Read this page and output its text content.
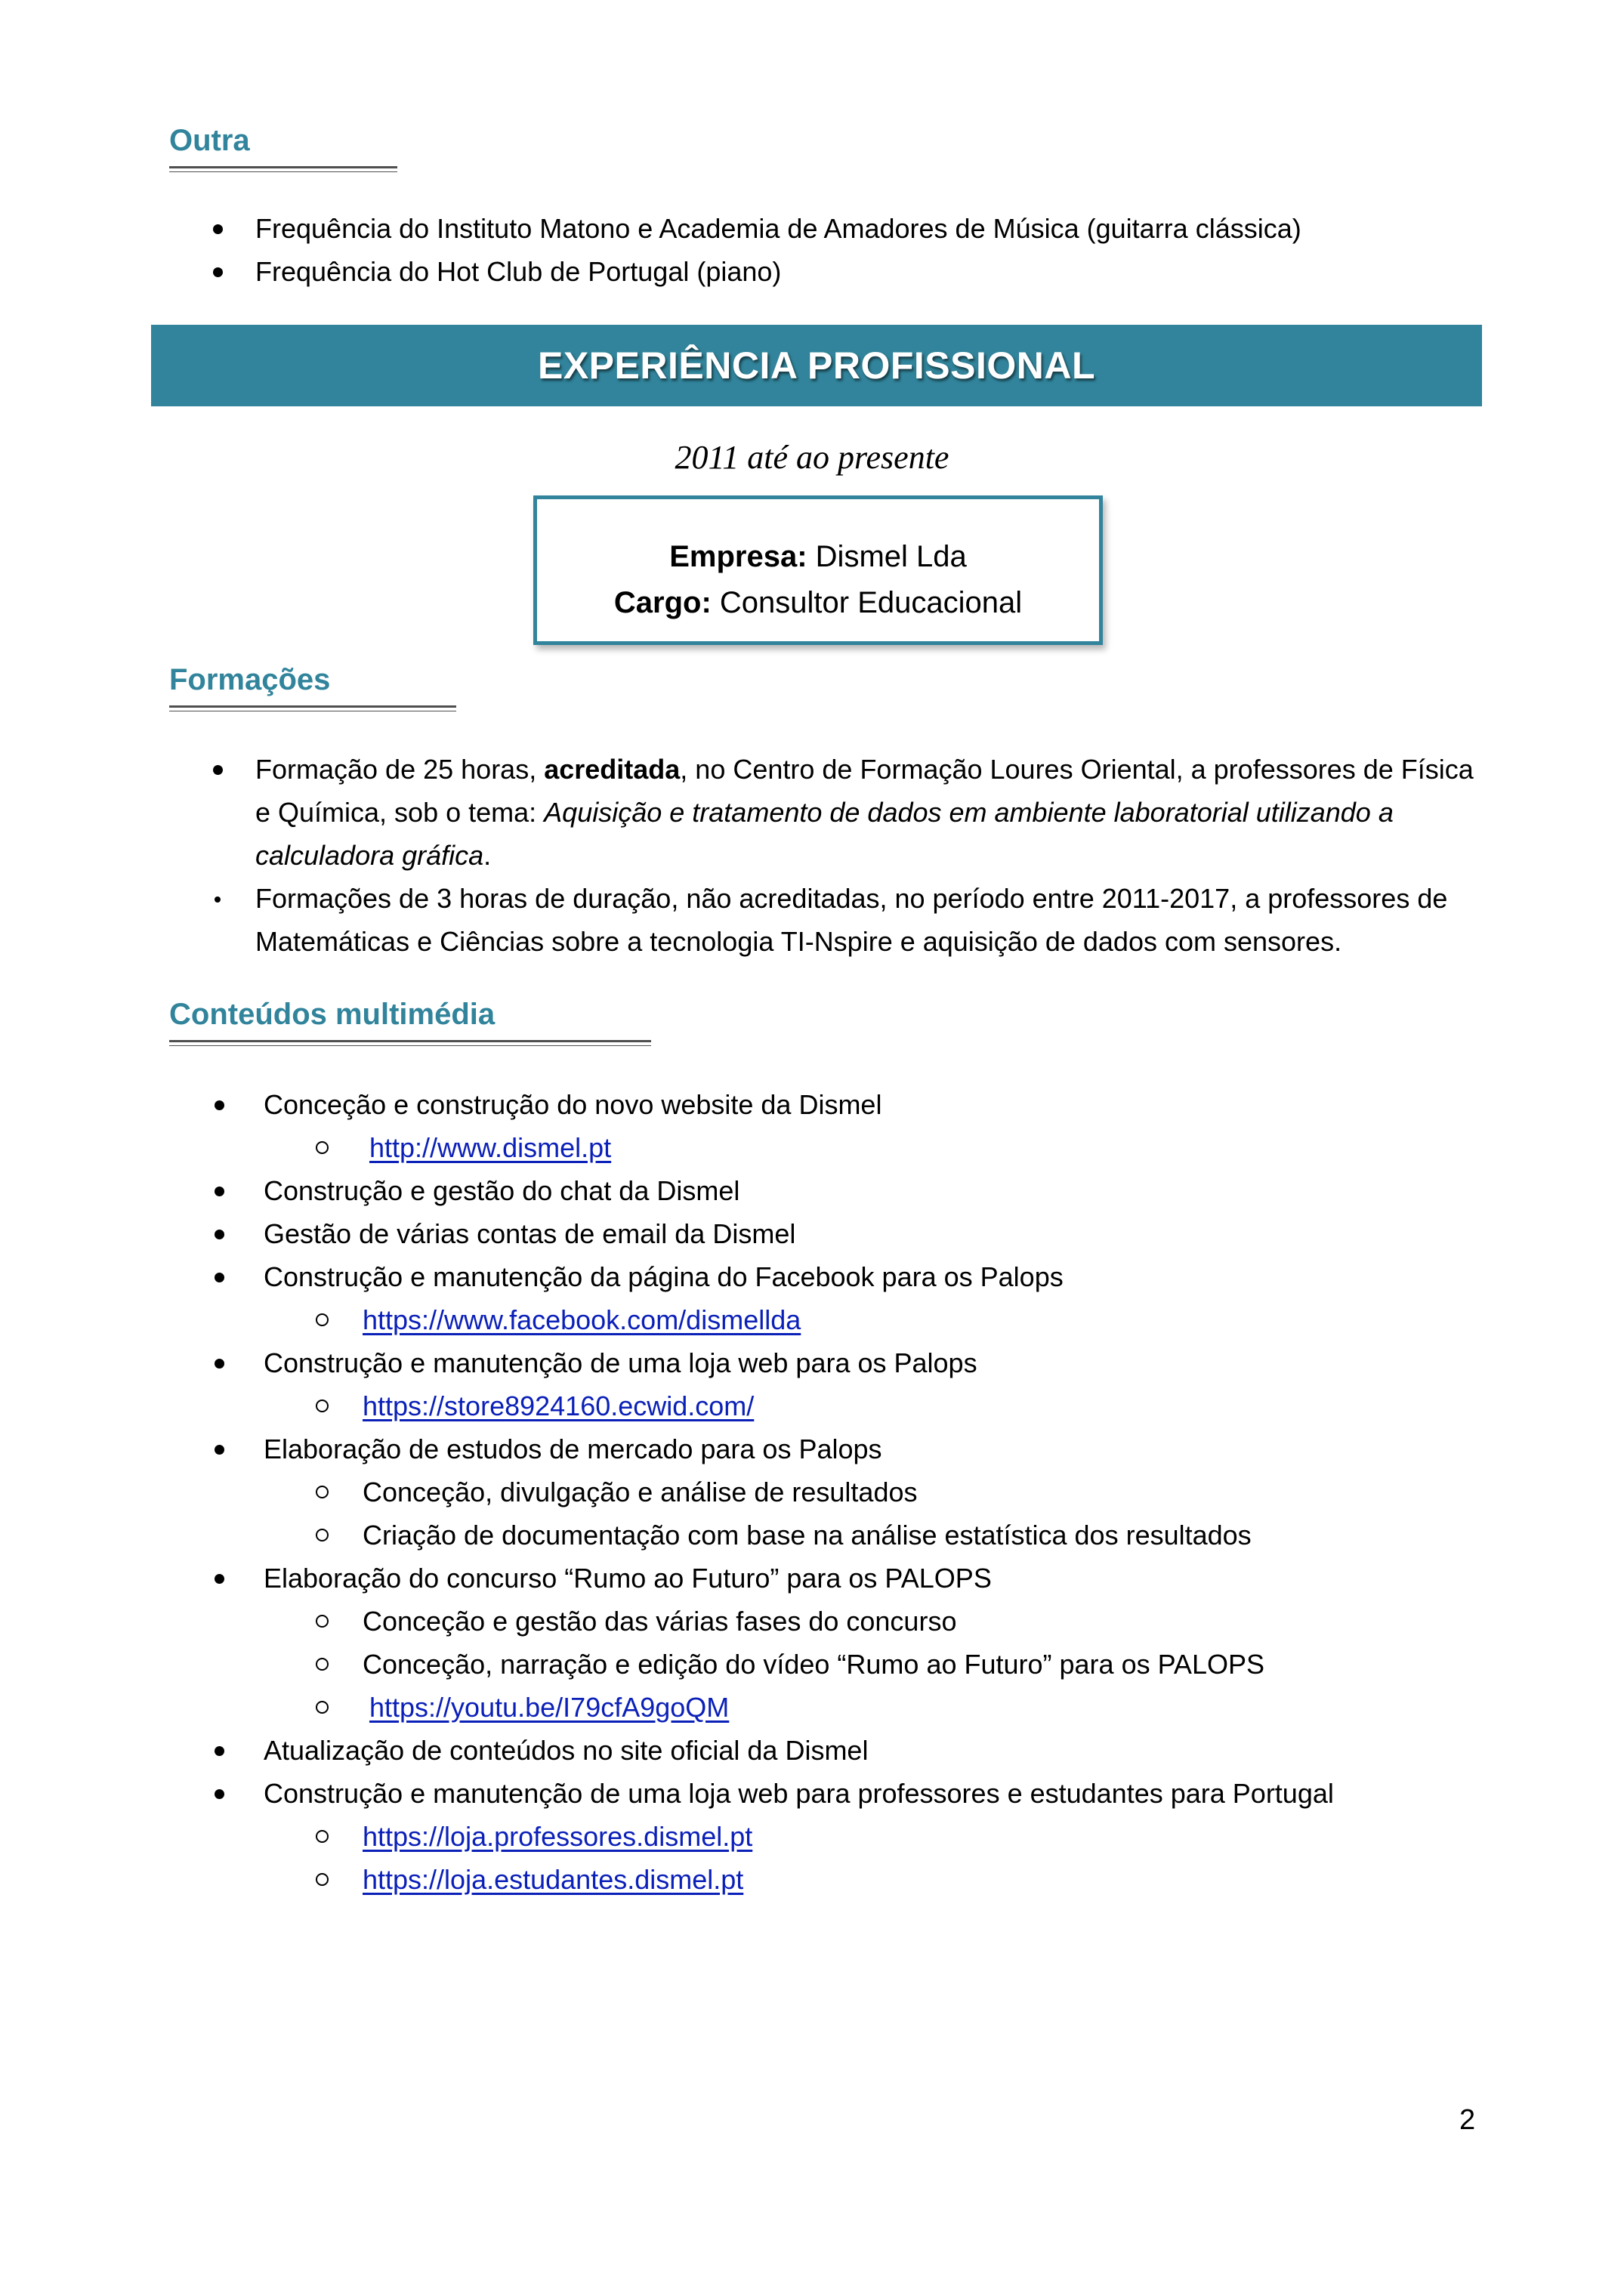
Outra
Frequência do Instituto Matono e Academia de Amadores de Música (guitarra clássica)
Frequência do Hot Club de Portugal (piano)
EXPERIÊNCIA PROFISSIONAL
2011 até ao presente
Empresa: Dismel Lda
Cargo: Consultor Educacional
Formações
Formação de 25 horas, acreditada, no Centro de Formação Loures Oriental, a professores de Física
e Química, sob o tema: Aquisição e tratamento de dados em ambiente laboratorial utilizando a
calculadora gráfica.
Formações de 3 horas de duração, não acreditadas, no período entre 2011-2017, a professores de
Matemáticas e Ciências sobre a tecnologia TI-Nspire e aquisição de dados com sensores.
Conteúdos multimédia
Conceção e construção do novo website da Dismel
http://www.dismel.pt
Construção e gestão do chat da Dismel
Gestão de várias contas de email da Dismel
Construção e manutenção da página do Facebook para os Palops
https://www.facebook.com/dismellda
Construção e manutenção de uma loja web para os Palops
https://store8924160.ecwid.com/
Elaboração de estudos de mercado para os Palops
Conceção, divulgação e análise de resultados
Criação de documentação com base na análise estatística dos resultados
Elaboração do concurso “Rumo ao Futuro” para os PALOPS
Conceção e gestão das várias fases do concurso
Conceção, narração e edição do vídeo “Rumo ao Futuro” para os PALOPS
https://youtu.be/I79cfA9goQM
Atualização de conteúdos no site oficial da Dismel
Construção e manutenção de uma loja web para professores e estudantes para Portugal
https://loja.professores.dismel.pt
https://loja.estudantes.dismel.pt
2
